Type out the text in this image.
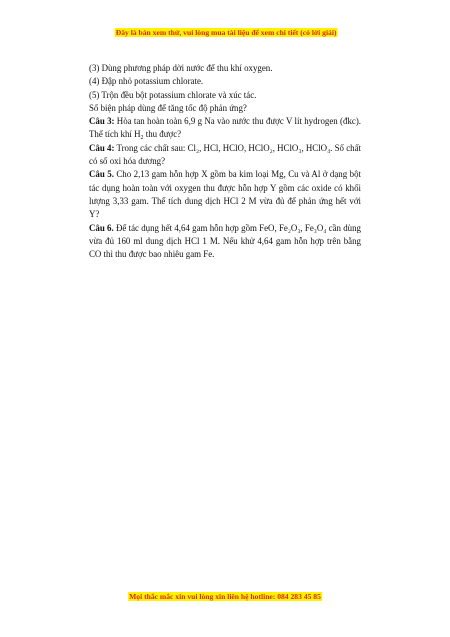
Đây là bản xem thử, vui lòng mua tài liệu để xem chi tiết (có lời giải)
(3) Dùng phương pháp dời nước để thu khí oxygen.
(4) Đập nhỏ potassium chlorate.
(5) Trộn đều bột potassium chlorate và xúc tác.
Số biện pháp dùng để tăng tốc độ phản ứng?
Câu 3: Hòa tan hoàn toàn 6,9 g Na vào nước thu được V lít hydrogen (đkc). Thể tích khí $H_2$ thu được?
Câu 4: Trong các chất sau: Cl₂, HCl, HClO, HClO₂, HClO₃, HClO₄. Số chất có số oxi hóa dương?
Câu 5. Cho 2,13 gam hỗn hợp X gồm ba kim loại Mg, Cu và Al ở dạng bột tác dụng hoàn toàn với oxygen thu được hỗn hợp Y gồm các oxide có khối lượng 3,33 gam. Thể tích dung dịch HCl 2 M vừa đủ để phản ứng hết với Y?
Câu 6. Để tác dụng hết 4,64 gam hỗn hợp gồm FeO, Fe₂O₃, Fe₃O₄ cần dùng vừa đủ 160 ml dung dịch HCl 1 M. Nếu khử 4,64 gam hỗn hợp trên bằng CO thì thu được bao nhiêu gam Fe.
Mọi thắc mắc xin vui lòng xin liên hệ hotline: 084 283 45 85
